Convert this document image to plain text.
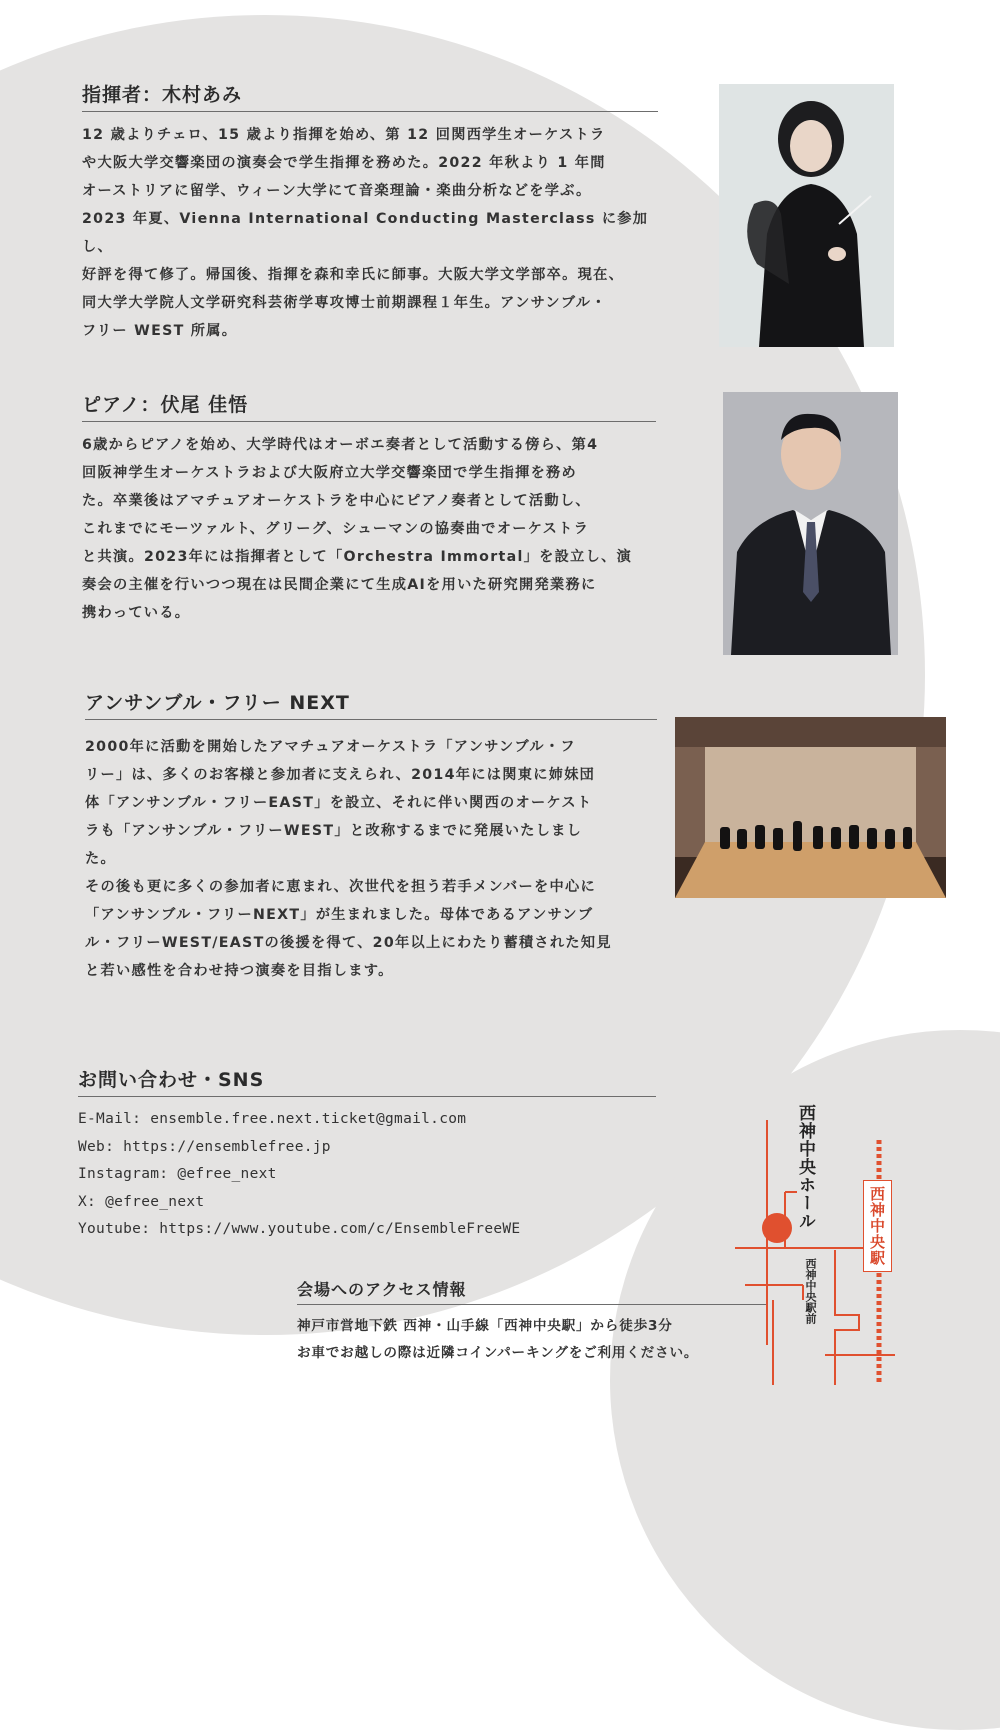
指揮者：木村あみ

12 歳よりチェロ、15 歳より指揮を始め、第 12 回関西学生オーケストラ

や大阪大学交響楽団の演奏会で学生指揮を務めた。2022 年秋より 1 年間

オーストリアに留学、ウィーン大学にて音楽理論・楽曲分析などを学ぶ。

2023 年夏、Vienna International Conducting Masterclass に参加し、

好評を得て修了。帰国後、指揮を森和幸氏に師事。大阪大学文学部卒。現在、

同大学大学院人文学研究科芸術学専攻博士前期課程１年生。アンサンブル・

フリー WEST 所属。

ピアノ：伏尾 佳悟

6歳からピアノを始め、大学時代はオーボエ奏者として活動する傍ら、第4

回阪神学生オーケストラおよび大阪府立大学交響楽団で学生指揮を務め

た。卒業後はアマチュアオーケストラを中心にピアノ奏者として活動し、

これまでにモーツァルト、グリーグ、シューマンの協奏曲でオーケストラ

と共演。2023年には指揮者として「Orchestra Immortal」を設立し、演

奏会の主催を行いつつ現在は民間企業にて生成AIを用いた研究開発業務に

携わっている。

アンサンブル・フリー NEXT

2000年に活動を開始したアマチュアオーケストラ「アンサンブル・フ

リー」は、多くのお客様と参加者に支えられ、2014年には関東に姉妹団

体「アンサンブル・フリーEAST」を設立、それに伴い関西のオーケスト

ラも「アンサンブル・フリーWEST」と改称するまでに発展いたしまし

た。

その後も更に多くの参加者に恵まれ、次世代を担う若手メンバーを中心に

「アンサンブル・フリーNEXT」が生まれました。母体であるアンサンブ

ル・フリーWEST/EASTの後援を得て、20年以上にわたり蓄積された知見

と若い感性を合わせ持つ演奏を目指します。

お問い合わせ・SNS
E-Mail: ensemble.free.next.ticket@gmail.com
Web: https://ensemblefree.jp
Instagram: @efree_next
X: @efree_next
Youtube: https://www.youtube.com/c/EnsembleFreeWE
会場へのアクセス情報

神戸市営地下鉄 西神・山手線「西神中央駅」から徒歩3分

お車でお越しの際は近隣コインパーキングをご利用ください。

西神中央ホール
西神中央駅前
西神中央駅
